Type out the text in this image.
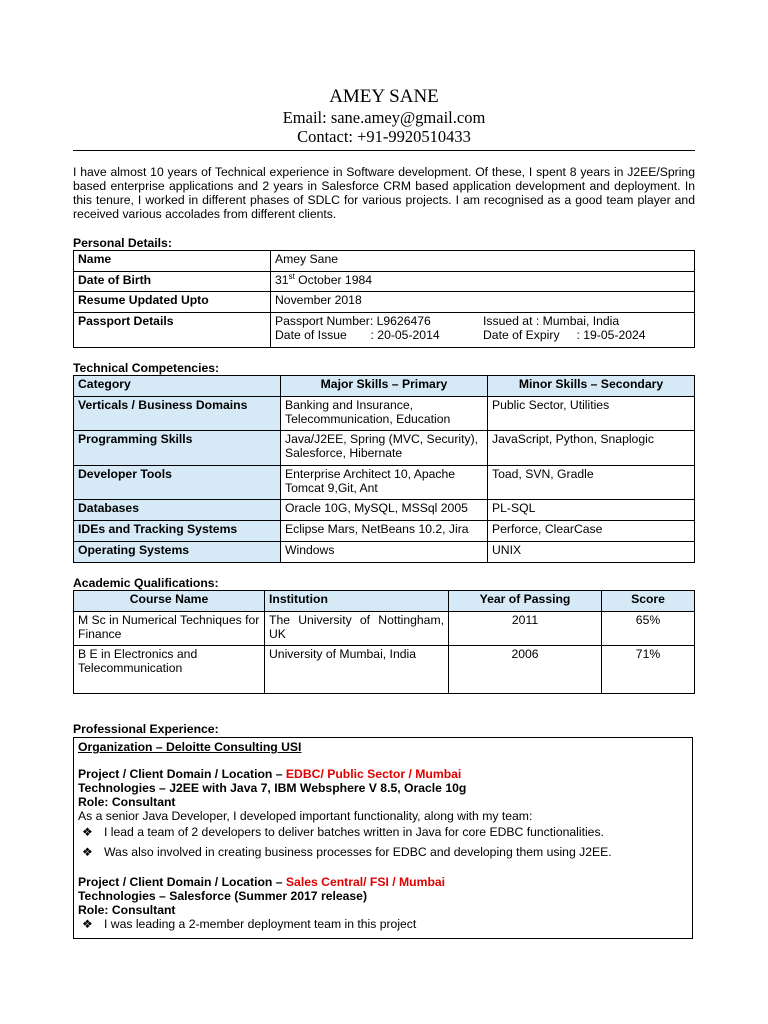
AMEY SANE
Email: sane.amey@gmail.com
Contact: +91-9920510433
I have almost 10 years of Technical experience in Software development. Of these, I spent 8 years in J2EE/Spring based enterprise applications and 2 years in Salesforce CRM based application development and deployment. In this tenure, I worked in different phases of SDLC for various projects. I am recognised as a good team player and received various accolades from different clients.
Personal Details:
Name	Amey Sane
Date of Birth	31st October 1984
Resume Updated Upto	November 2018
Passport Details	Passport Number: L9626476 Issued at : Mumbai, India
Date of Issue       : 20-05-2014 Date of Expiry     : 19-05-2024
Technical Competencies:
Category	Major Skills – Primary	Minor Skills – Secondary
Verticals / Business Domains	Banking and Insurance, Telecommunication, Education	Public Sector, Utilities
Programming Skills	Java/J2EE, Spring (MVC, Security), Salesforce, Hibernate	JavaScript, Python, Snaplogic
Developer Tools	Enterprise Architect 10, Apache Tomcat 9,Git, Ant	Toad, SVN, Gradle
Databases	Oracle 10G, MySQL, MSSql 2005	PL-SQL
IDEs and Tracking Systems	Eclipse Mars, NetBeans 10.2, Jira	Perforce, ClearCase
Operating Systems	Windows	UNIX
Academic Qualifications:
Course Name	Institution	Year of Passing	Score
M Sc in Numerical Techniques for Finance	The University of Nottingham, UK	2011	65%
B E in Electronics and Telecommunication	University of Mumbai, India	2006	71%
Professional Experience:
Organization – Deloitte Consulting USI
Project / Client Domain / Location – EDBC/ Public Sector / Mumbai
Technologies – J2EE with Java 7, IBM Websphere V 8.5, Oracle 10g
Role: Consultant
As a senior Java Developer, I developed important functionality, along with my team:
❖ I lead a team of 2 developers to deliver batches written in Java for core EDBC functionalities.
❖ Was also involved in creating business processes for EDBC and developing them using J2EE.
Project / Client Domain / Location – Sales Central/ FSI / Mumbai
Technologies – Salesforce (Summer 2017 release)
Role: Consultant
❖ I was leading a 2-member deployment team in this project
